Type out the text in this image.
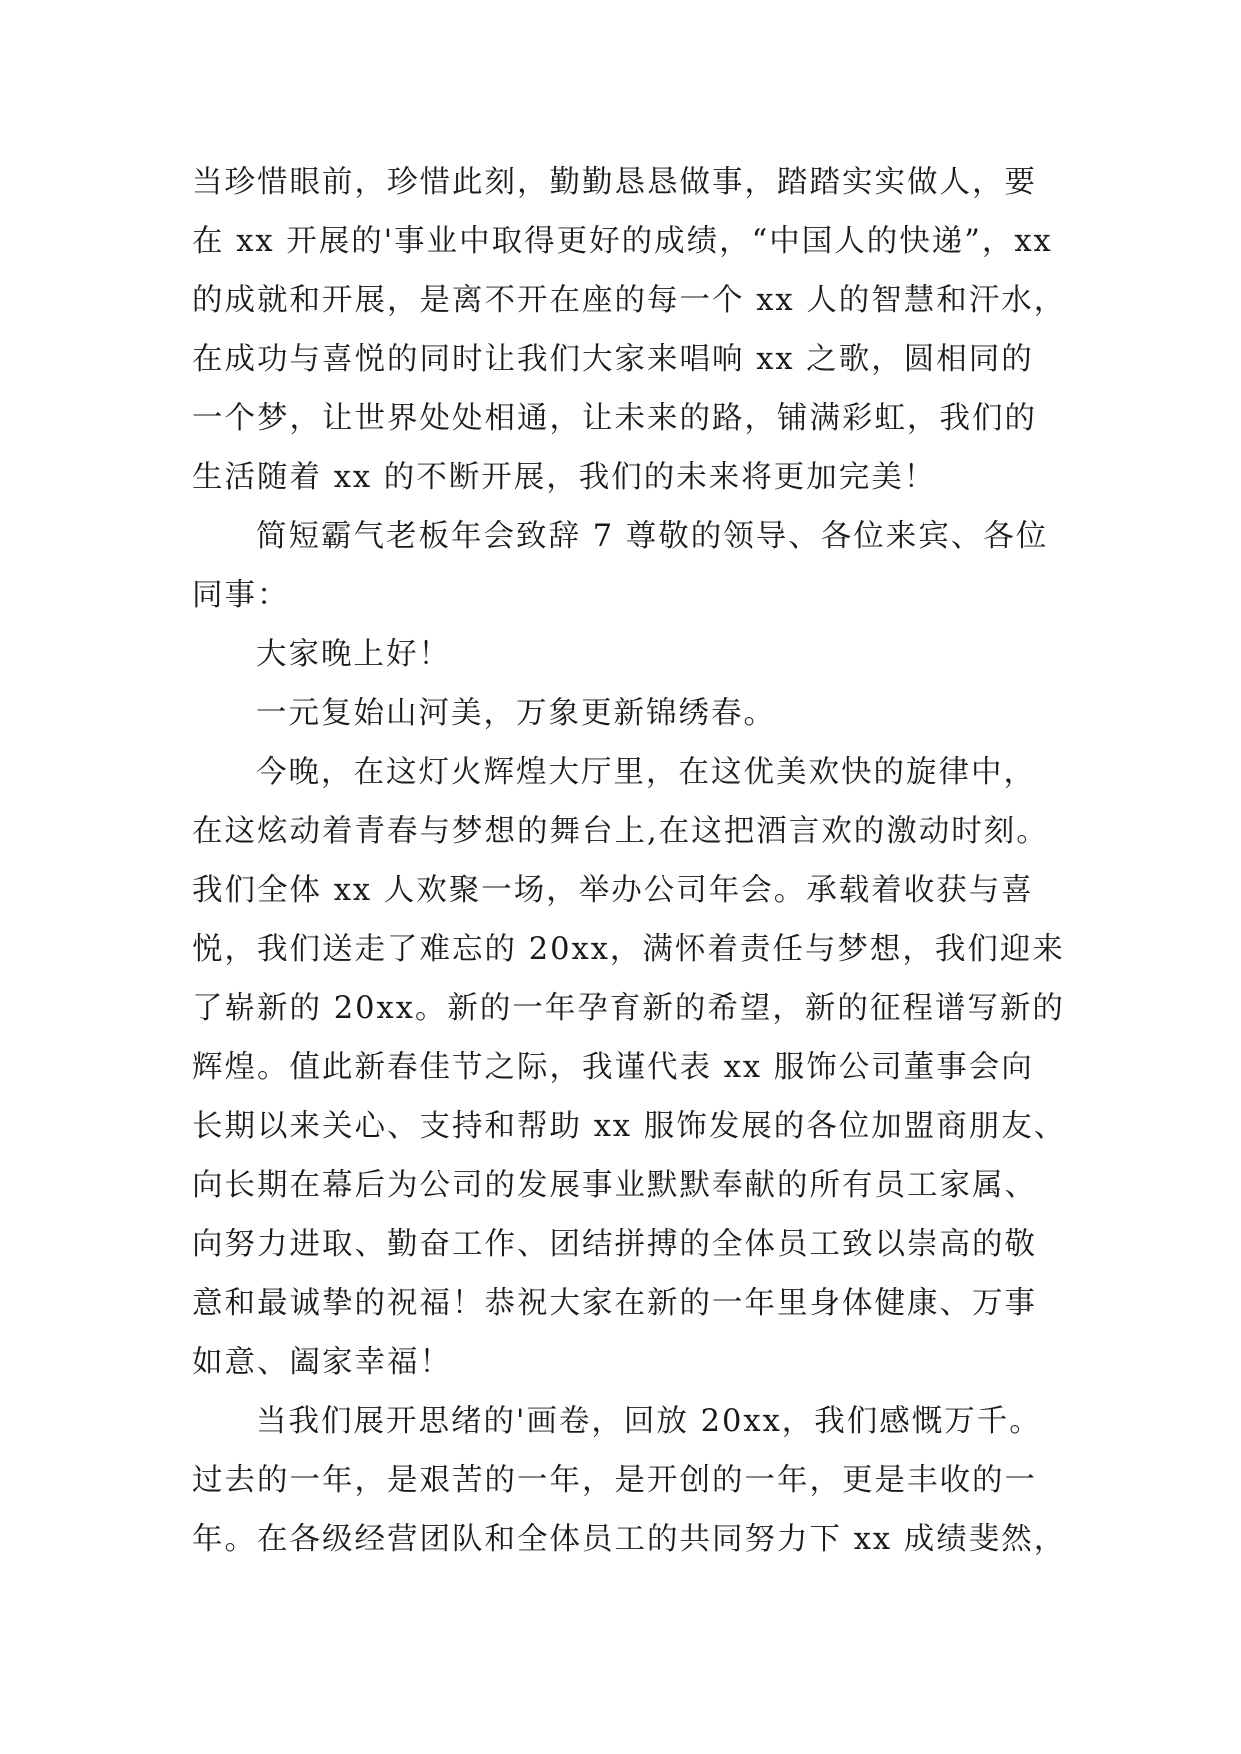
当珍惜眼前，珍惜此刻，勤勤恳恳做事，踏踏实实做人，要
在 xx 开展的'事业中取得更好的成绩，“中国人的快递”，xx
的成就和开展，是离不开在座的每一个 xx 人的智慧和汗水，
在成功与喜悦的同时让我们大家来唱响 xx 之歌，圆相同的
一个梦，让世界处处相通，让未来的路，铺满彩虹，我们的
生活随着 xx 的不断开展，我们的未来将更加完美！
简短霸气老板年会致辞 7 尊敬的领导、各位来宾、各位
同事：
大家晚上好！
一元复始山河美，万象更新锦绣春。
今晚，在这灯火辉煌大厅里，在这优美欢快的旋律中，
在这炫动着青春与梦想的舞台上,在这把酒言欢的激动时刻。
我们全体 xx 人欢聚一场，举办公司年会。承载着收获与喜
悦，我们送走了难忘的 20xx，满怀着责任与梦想，我们迎来
了崭新的 20xx。新的一年孕育新的希望，新的征程谱写新的
辉煌。值此新春佳节之际，我谨代表 xx 服饰公司董事会向
长期以来关心、支持和帮助 xx 服饰发展的各位加盟商朋友、
向长期在幕后为公司的发展事业默默奉献的所有员工家属、
向努力进取、勤奋工作、团结拼搏的全体员工致以崇高的敬
意和最诚挚的祝福！恭祝大家在新的一年里身体健康、万事
如意、阖家幸福！
当我们展开思绪的'画卷，回放 20xx，我们感慨万千。
过去的一年，是艰苦的一年，是开创的一年，更是丰收的一
年。在各级经营团队和全体员工的共同努力下 xx 成绩斐然，
